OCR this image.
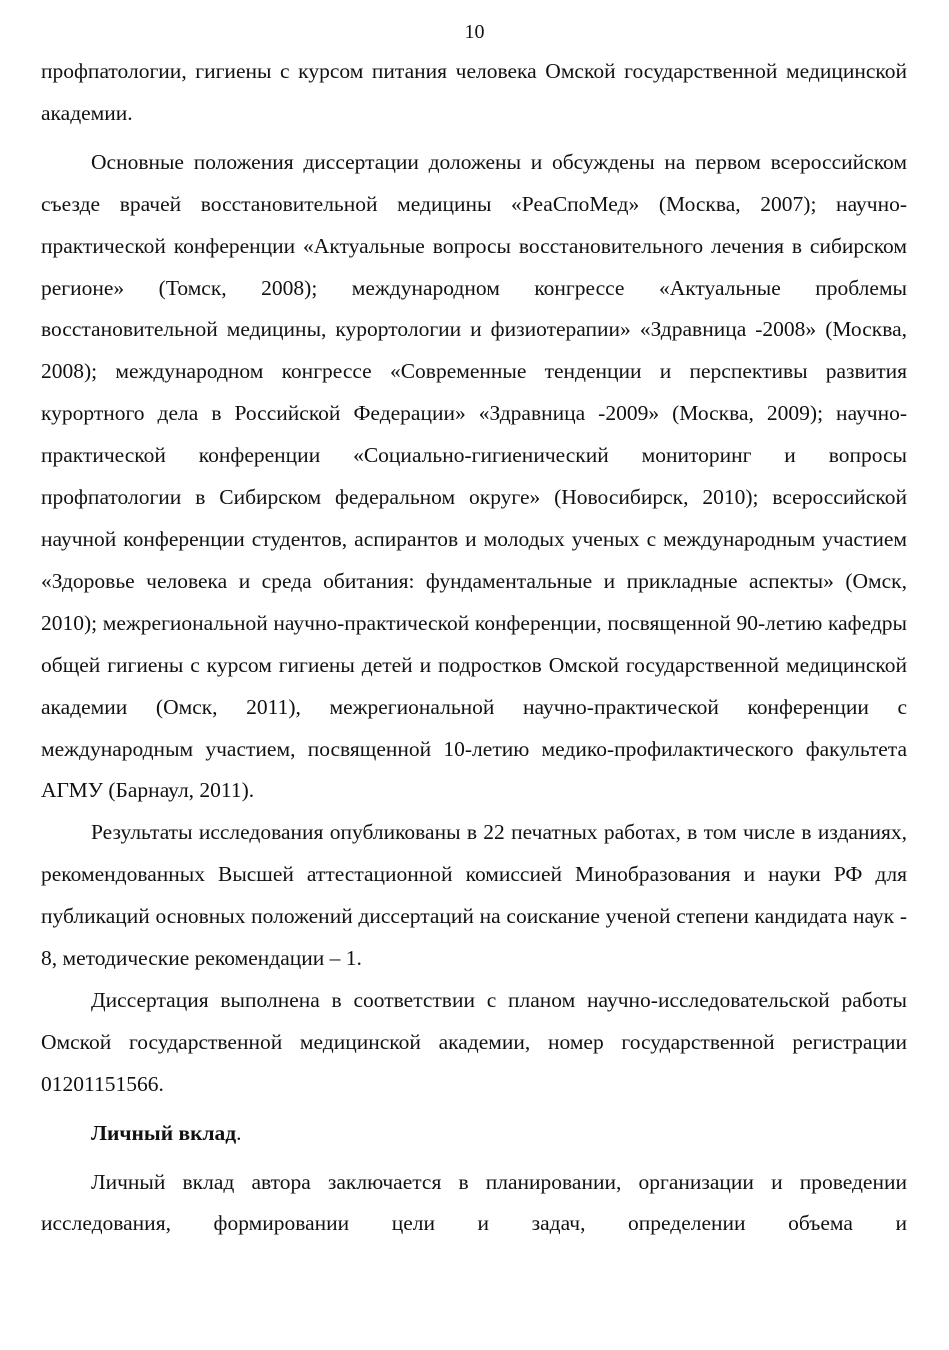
10

профпатологии, гигиены с курсом питания человека Омской государственной медицинской академии.

Основные положения диссертации доложены и обсуждены на первом всероссийском съезде врачей восстановительной медицины «РеаСпоМед» (Москва, 2007); научно-практической конференции «Актуальные вопросы восстановительного лечения в сибирском регионе» (Томск, 2008); международном конгрессе «Актуальные проблемы восстановительной медицины, курортологии и физиотерапии» «Здравница -2008» (Москва, 2008); международном конгрессе «Современные тенденции и перспективы развития курортного дела в Российской Федерации» «Здравница -2009» (Москва, 2009); научно-практической конференции «Социально-гигиенический мониторинг и вопросы профпатологии в Сибирском федеральном округе» (Новосибирск, 2010); всероссийской научной конференции студентов, аспирантов и молодых ученых с международным участием «Здоровье человека и среда обитания: фундаментальные и прикладные аспекты» (Омск, 2010); межрегиональной научно-практической конференции, посвященной 90-летию кафедры общей гигиены с курсом гигиены детей и подростков Омской государственной медицинской академии (Омск, 2011), межрегиональной научно-практической конференции с международным участием, посвященной 10-летию медико-профилактического факультета АГМУ (Барнаул, 2011).

Результаты исследования опубликованы в 22 печатных работах, в том числе в изданиях, рекомендованных Высшей аттестационной комиссией Минобразования и науки РФ для публикаций основных положений диссертаций на соискание ученой степени кандидата наук - 8, методические рекомендации – 1.

Диссертация выполнена в соответствии с планом научно-исследовательской работы Омской государственной медицинской академии, номер государственной регистрации 01201151566.

Личный вклад.

Личный вклад автора заключается в планировании, организации и проведении исследования, формировании цели и задач, определении объема и
